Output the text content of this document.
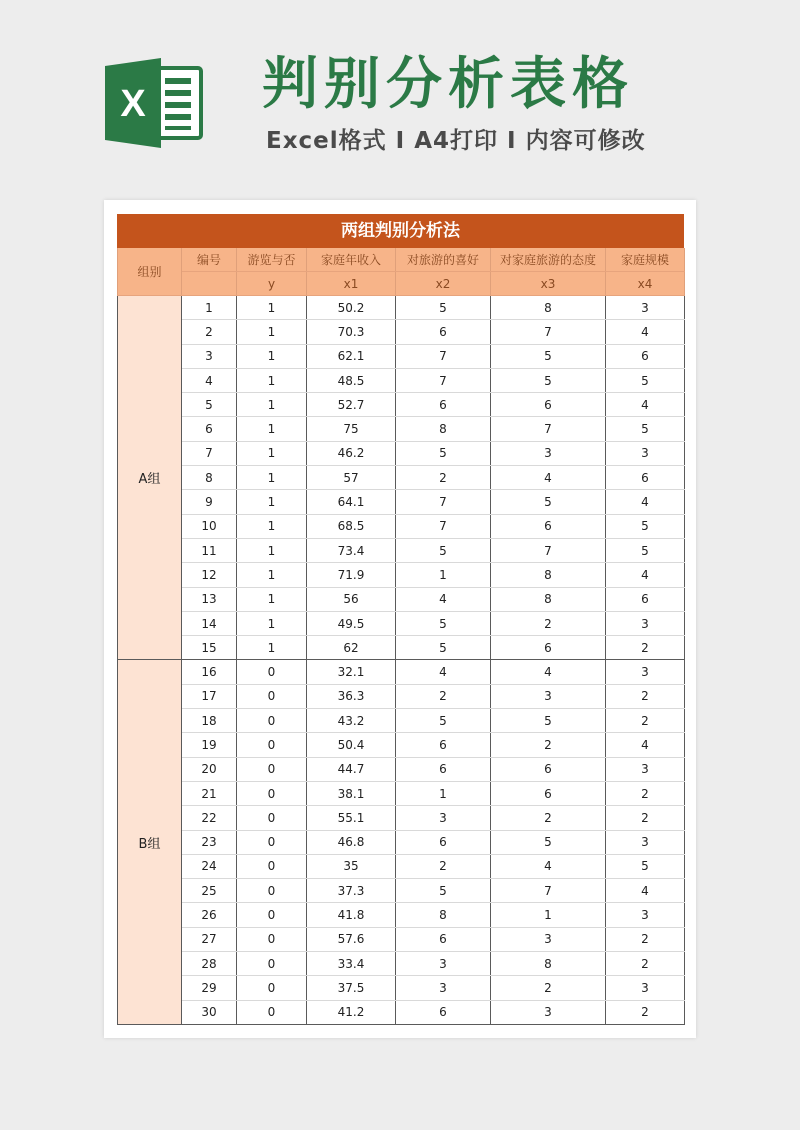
X 判别分析表格
Excel格式 I A4打印 I 内容可修改
两组判别分析法
组别	编号	游览与否	家庭年收入	对旅游的喜好	对家庭旅游的态度	家庭规模
		y	x1	x2	x3	x4
A组	1	1	50.2	5	8	3
	2	1	70.3	6	7	4
	3	1	62.1	7	5	6
	4	1	48.5	7	5	5
	5	1	52.7	6	6	4
	6	1	75	8	7	5
	7	1	46.2	5	3	3
	8	1	57	2	4	6
	9	1	64.1	7	5	4
	10	1	68.5	7	6	5
	11	1	73.4	5	7	5
	12	1	71.9	1	8	4
	13	1	56	4	8	6
	14	1	49.5	5	2	3
	15	1	62	5	6	2
B组	16	0	32.1	4	4	3
	17	0	36.3	2	3	2
	18	0	43.2	5	5	2
	19	0	50.4	6	2	4
	20	0	44.7	6	6	3
	21	0	38.1	1	6	2
	22	0	55.1	3	2	2
	23	0	46.8	6	5	3
	24	0	35	2	4	5
	25	0	37.3	5	7	4
	26	0	41.8	8	1	3
	27	0	57.6	6	3	2
	28	0	33.4	3	8	2
	29	0	37.5	3	2	3
	30	0	41.2	6	3	2
